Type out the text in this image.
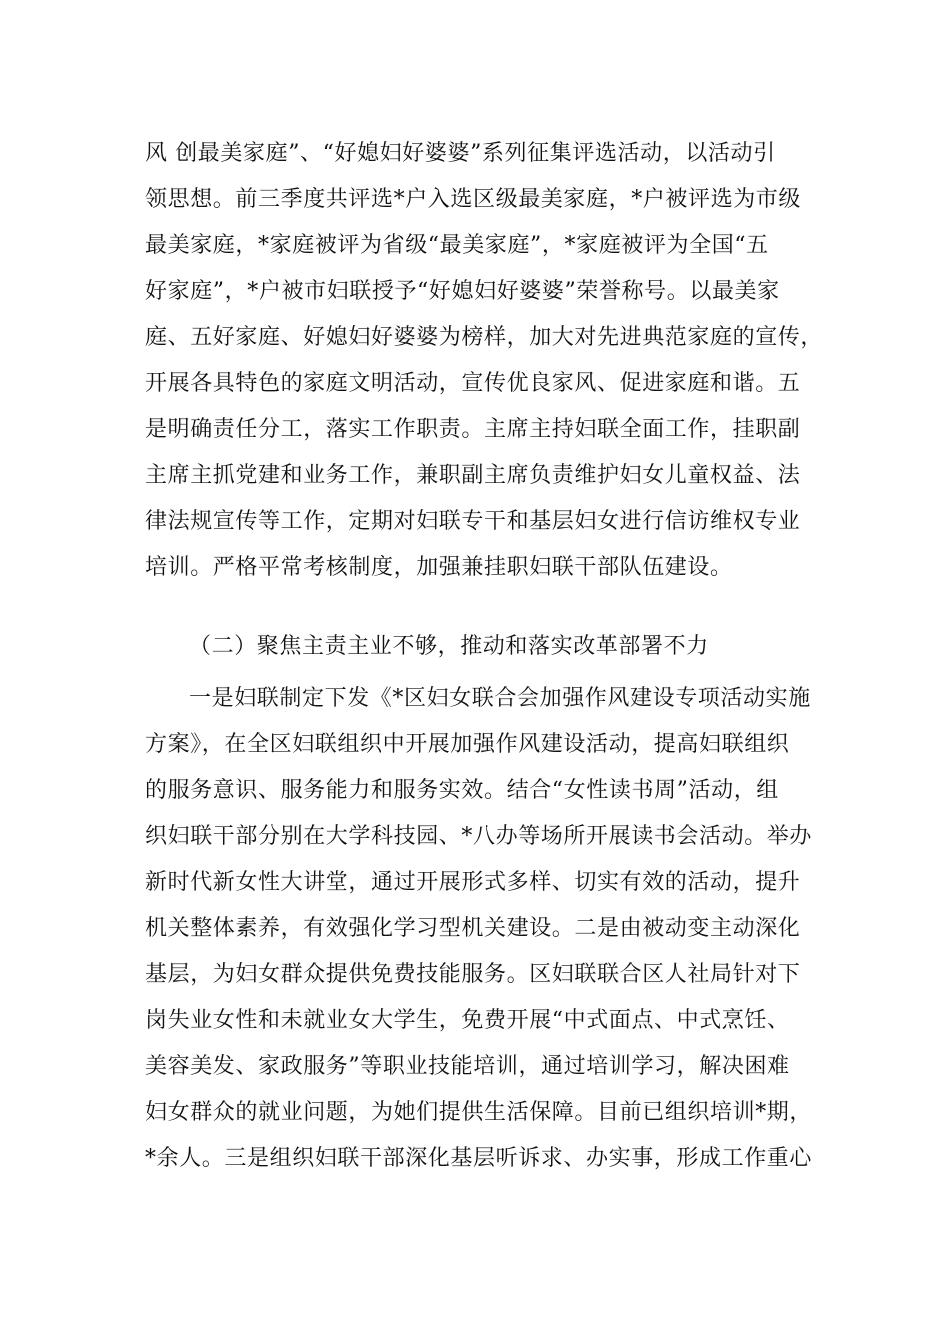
风 创最美家庭”、“好媳妇好婆婆”系列征集评选活动，以活动引
领思想。前三季度共评选*户入选区级最美家庭，*户被评选为市级
最美家庭，*家庭被评为省级“最美家庭”，*家庭被评为全国“五
好家庭”，*户被市妇联授予“好媳妇好婆婆”荣誉称号。以最美家
庭、五好家庭、好媳妇好婆婆为榜样，加大对先进典范家庭的宣传，
开展各具特色的家庭文明活动，宣传优良家风、促进家庭和谐。五
是明确责任分工，落实工作职责。主席主持妇联全面工作，挂职副
主席主抓党建和业务工作，兼职副主席负责维护妇女儿童权益、法
律法规宣传等工作，定期对妇联专干和基层妇女进行信访维权专业
培训。严格平常考核制度，加强兼挂职妇联干部队伍建设。
（二）聚焦主责主业不够，推动和落实改革部署不力
一是妇联制定下发《*区妇女联合会加强作风建设专项活动实施
方案》，在全区妇联组织中开展加强作风建设活动，提高妇联组织
的服务意识、服务能力和服务实效。结合“女性读书周”活动，组
织妇联干部分别在大学科技园、*八办等场所开展读书会活动。举办
新时代新女性大讲堂，通过开展形式多样、切实有效的活动，提升
机关整体素养，有效强化学习型机关建设。二是由被动变主动深化
基层，为妇女群众提供免费技能服务。区妇联联合区人社局针对下
岗失业女性和未就业女大学生，免费开展“中式面点、中式烹饪、
美容美发、家政服务”等职业技能培训，通过培训学习，解决困难
妇女群众的就业问题，为她们提供生活保障。目前已组织培训*期，
*余人。三是组织妇联干部深化基层听诉求、办实事，形成工作重心
